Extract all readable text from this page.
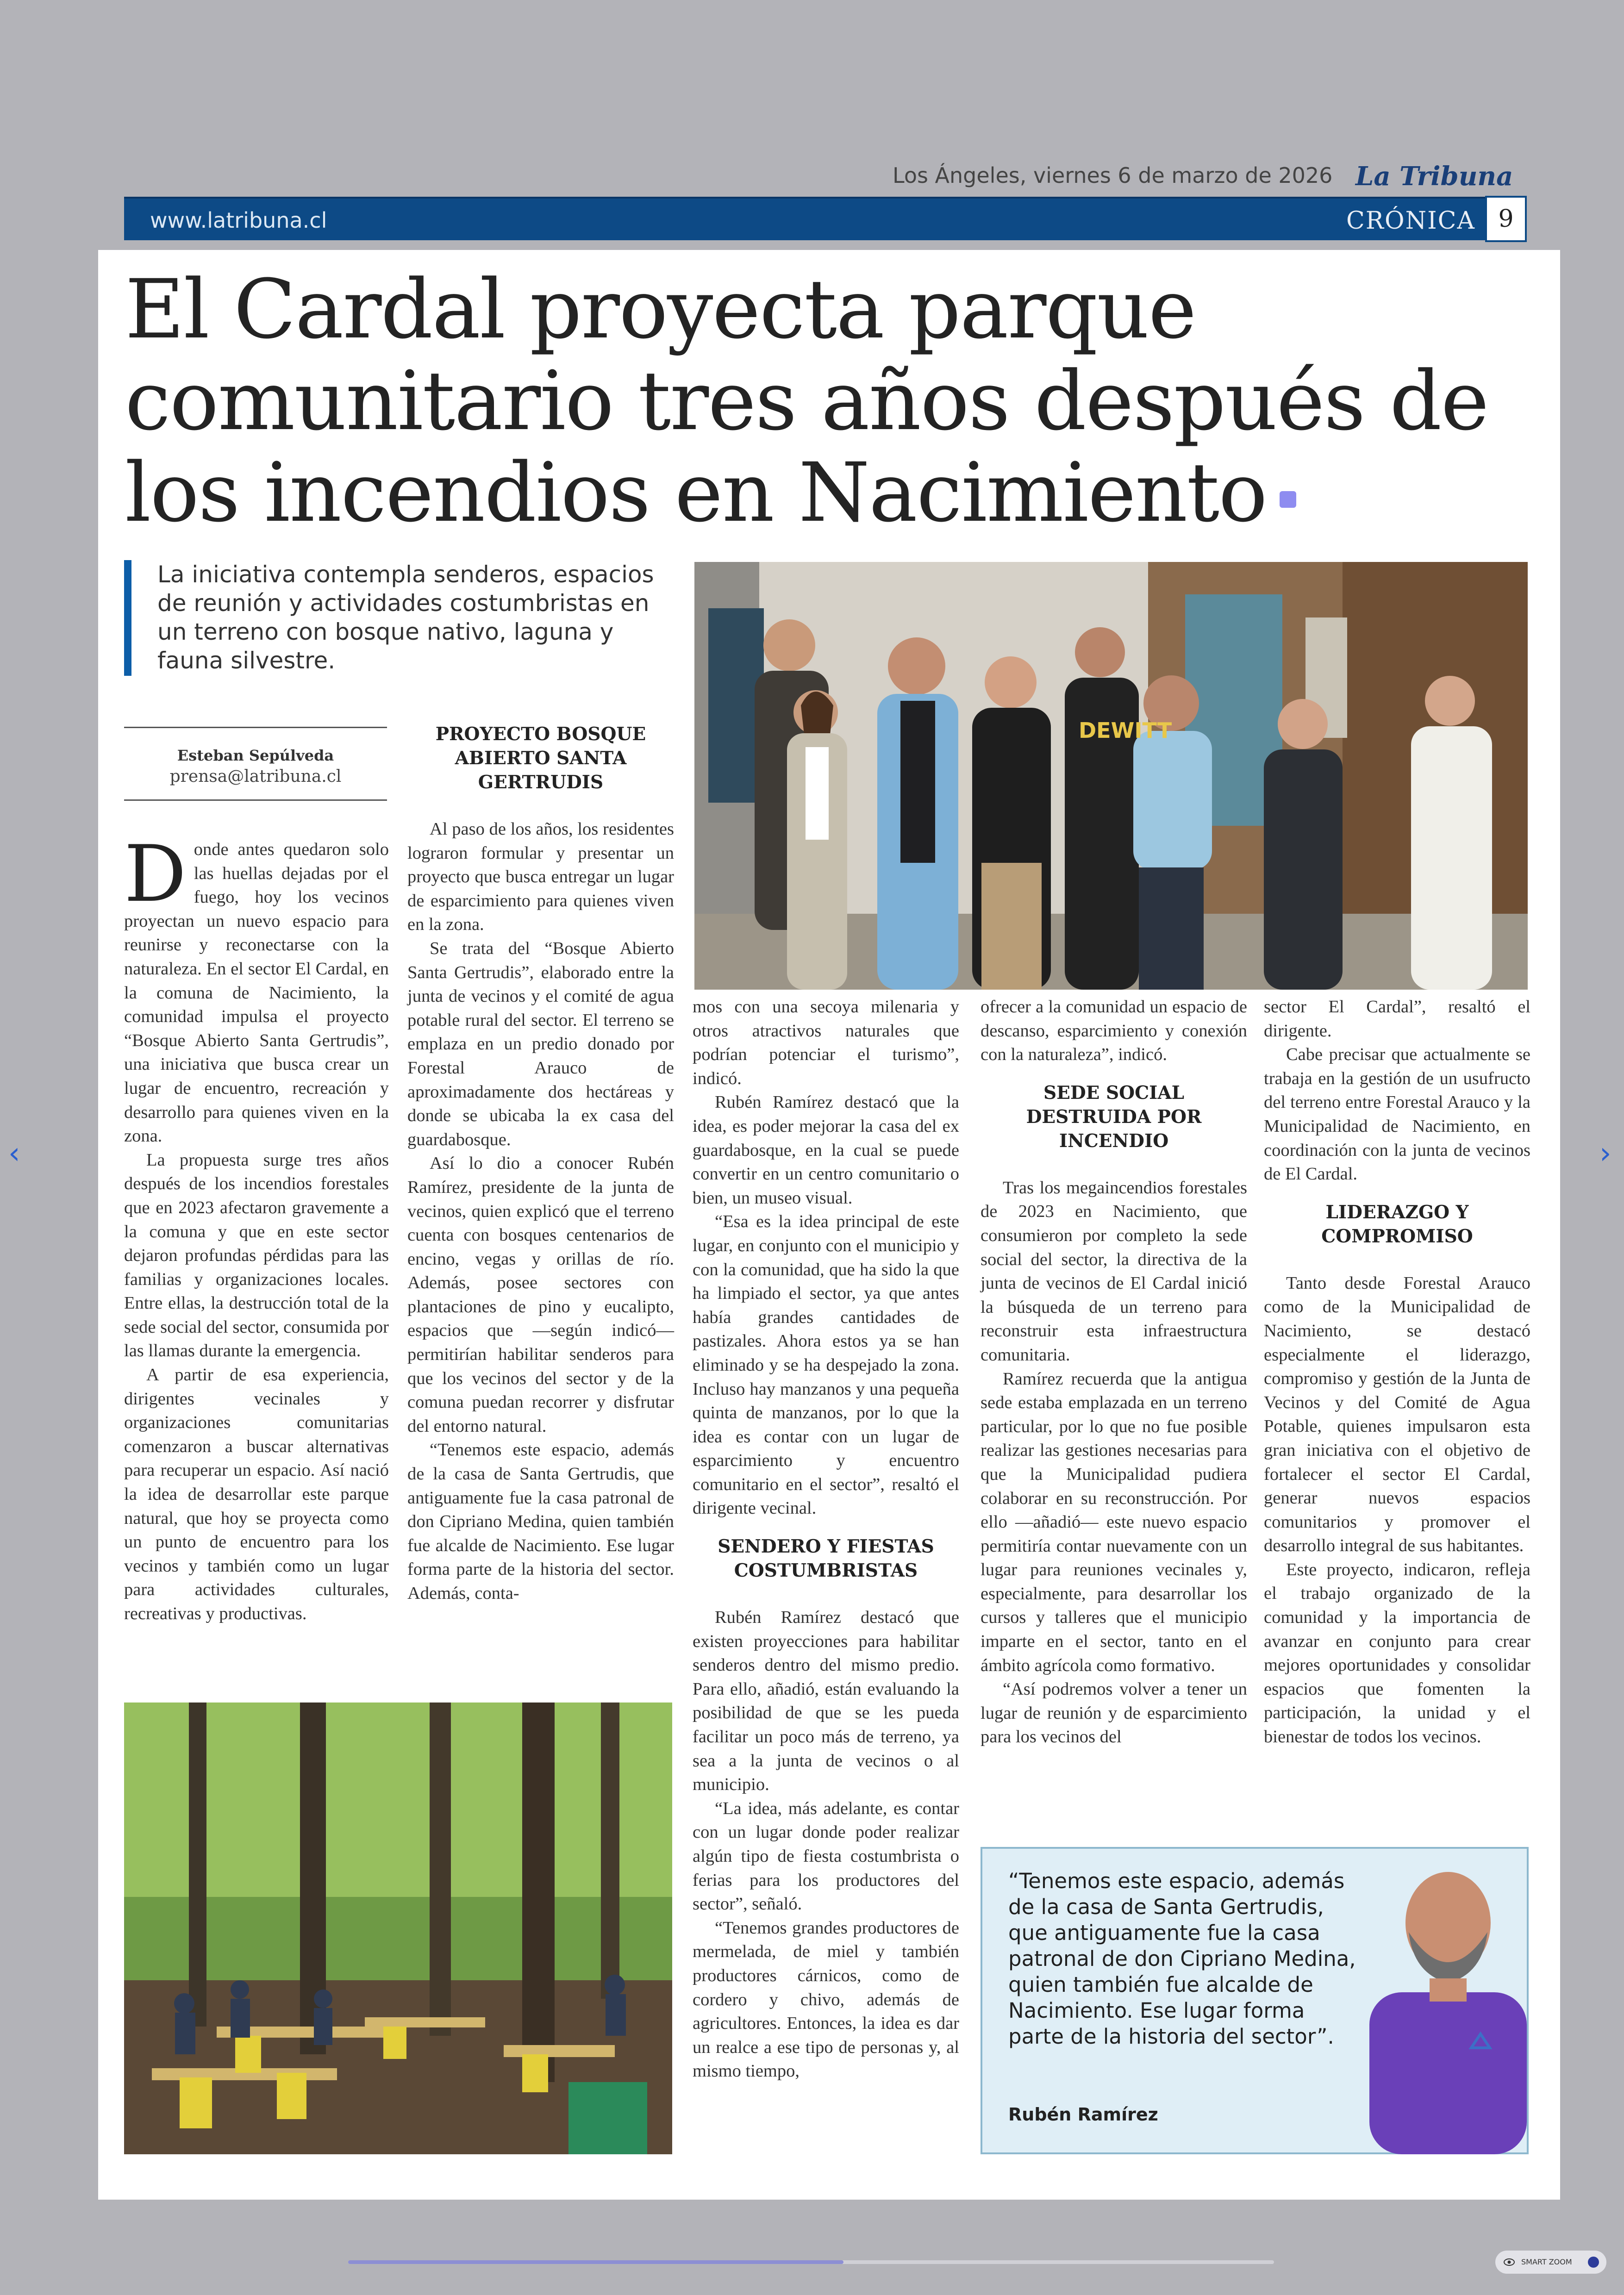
‹	›
Los Ángeles, viernes 6 de marzo de 2026 La Tribuna
www.latribuna.cl	CRÓNICA 9
El Cardal proyecta parque comunitario tres años después de los incendios en Nacimiento
La iniciativa contempla senderos, espacios de reunión y actividades costumbristas en un terreno con bosque nativo, laguna y fauna silvestre.
DEWITT
Esteban Sepúlveda
prensa@latribuna.cl

Donde antes quedaron solo las huellas dejadas por el fuego, hoy los vecinos proyectan un nuevo espacio para reunirse y reconectarse con la naturaleza. En el sector El Cardal, en la comuna de Nacimiento, la comunidad impulsa el proyecto “Bosque Abierto Santa Gertrudis”, una iniciativa que busca crear un lugar de encuentro, recreación y desarrollo para quienes viven en la zona.

La propuesta surge tres años después de los incendios forestales que en 2023 afectaron gravemente a la comuna y que en este sector dejaron profundas pérdidas para las familias y organizaciones locales. Entre ellas, la destrucción total de la sede social del sector, consumida por las llamas durante la emergencia.

A partir de esa experiencia, dirigentes vecinales y organizaciones comunitarias comenzaron a buscar alternativas para recuperar un espacio. Así nació la idea de desarrollar este parque natural, que hoy se proyecta como un punto de encuentro para los vecinos y también como un lugar para actividades culturales, recreativas y productivas.

PROYECTO BOSQUE ABIERTO SANTA GERTRUDIS

Al paso de los años, los residentes lograron formular y presentar un proyecto que busca entregar un lugar de esparcimiento para quienes viven en la zona.

Se trata del “Bosque Abierto Santa Gertrudis”, elaborado entre la junta de vecinos y el comité de agua potable rural del sector. El terreno se emplaza en un predio donado por Forestal Arauco de aproximadamente dos hectáreas y donde se ubicaba la ex casa del guardabosque.

Así lo dio a conocer Rubén Ramírez, presidente de la junta de vecinos, quien explicó que el terreno cuenta con bosques centenarios de encino, vegas y orillas de río. Además, posee sectores con plantaciones de pino y eucalipto, espacios que —según indicó— permitirían habilitar senderos para que los vecinos del sector y de la comuna puedan recorrer y disfrutar del entorno natural.

“Tenemos este espacio, además de la casa de Santa Gertrudis, que antiguamente fue la casa patronal de don Cipriano Medina, quien también fue alcalde de Nacimiento. Ese lugar forma parte de la historia del sector. Además, conta-

mos con una secoya milenaria y otros atractivos naturales que podrían potenciar el turismo”, indicó.

Rubén Ramírez destacó que la idea, es poder mejorar la casa del ex guardabosque, en la cual se puede convertir en un centro comunitario o bien, un museo visual.

“Esa es la idea principal de este lugar, en conjunto con el municipio y con la comunidad, que ha sido la que ha limpiado el sector, ya que antes había grandes cantidades de pastizales. Ahora estos ya se han eliminado y se ha despejado la zona. Incluso hay manzanos y una pequeña quinta de manzanos, por lo que la idea es contar con un lugar de esparcimiento y encuentro comunitario en el sector”, resaltó el dirigente vecinal.

SENDERO Y FIESTAS COSTUMBRISTAS

Rubén Ramírez destacó que existen proyecciones para habilitar senderos dentro del mismo predio. Para ello, añadió, están evaluando la posibilidad de que se les pueda facilitar un poco más de terreno, ya sea a la junta de vecinos o al municipio.

“La idea, más adelante, es contar con un lugar donde poder realizar algún tipo de fiesta costumbrista o ferias para los productores del sector”, señaló.

“Tenemos grandes productores de mermelada, de miel y también productores cárnicos, como de cordero y chivo, además de agricultores. Entonces, la idea es dar un realce a ese tipo de personas y, al mismo tiempo,

ofrecer a la comunidad un espacio de descanso, esparcimiento y conexión con la naturaleza”, indicó.

SEDE SOCIAL DESTRUIDA POR INCENDIO

Tras los megaincendios forestales de 2023 en Nacimiento, que consumieron por completo la sede social del sector, la directiva de la junta de vecinos de El Cardal inició la búsqueda de un terreno para reconstruir esta infraestructura comunitaria.

Ramírez recuerda que la antigua sede estaba emplazada en un terreno particular, por lo que no fue posible realizar las gestiones necesarias para que la Municipalidad pudiera colaborar en su reconstrucción. Por ello —añadió— este nuevo espacio permitiría contar nuevamente con un lugar para reuniones vecinales y, especialmente, para desarrollar los cursos y talleres que el municipio imparte en el sector, tanto en el ámbito agrícola como formativo.

“Así podremos volver a tener un lugar de reunión y de esparcimiento para los vecinos del

sector El Cardal”, resaltó el dirigente.

Cabe precisar que actualmente se trabaja en la gestión de un usufructo del terreno entre Forestal Arauco y la Municipalidad de Nacimiento, en coordinación con la junta de vecinos de El Cardal.

LIDERAZGO Y COMPROMISO

Tanto desde Forestal Arauco como de la Municipalidad de Nacimiento, se destacó especialmente el liderazgo, compromiso y gestión de la Junta de Vecinos y del Comité de Agua Potable, quienes impulsaron esta gran iniciativa con el objetivo de fortalecer el sector El Cardal, generar nuevos espacios comunitarios y promover el desarrollo integral de sus habitantes.

Este proyecto, indicaron, refleja el trabajo organizado de la comunidad y la importancia de avanzar en conjunto para crear mejores oportunidades y consolidar espacios que fomenten la participación, la unidad y el bienestar de todos los vecinos.

“Tenemos este espacio, además de la casa de Santa Gertrudis, que antiguamente fue la casa patronal de don Cipriano Medina, quien también fue alcalde de Nacimiento. Ese lugar forma parte de la historia del sector”.
Rubén Ramírez
SMART ZOOM
